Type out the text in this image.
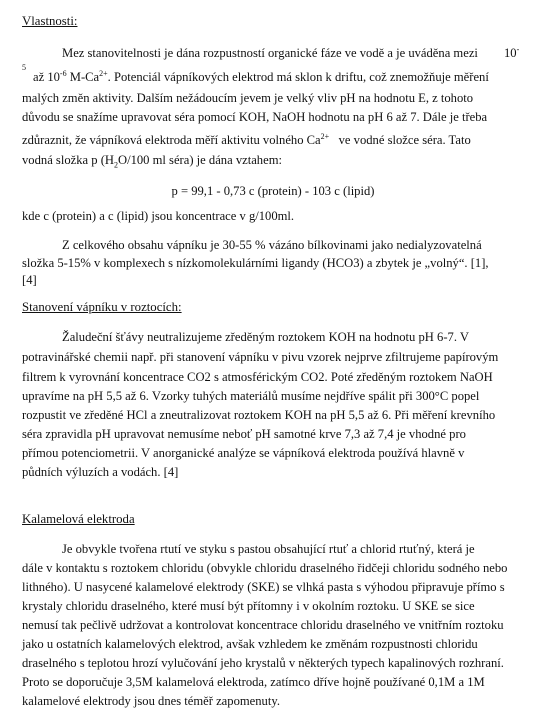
Vlastnosti:
Mez stanovitelnosti je dána rozpustností organické fáze ve vodě a je uváděna mezi 10-
$^5$
až $10^{-6}$ $M-Ca^{2+}$. Potenciál vápníkových elektrod má sklon k driftu, což znemožňuje měření
malých změn aktivity. Dalším nežádoucím jevem je velký vliv pH na hodnotu E, z tohoto
důvodu se snažíme upravovat séra pomocí KOH, NaOH hodnotu na pH 6 až 7. Dále je třeba
zdůraznit, že vápníková elektroda měří aktivitu volného $Ca^{2+}$ ve vodné složce séra. Tato
vodná složka p ($H_2O/100$ ml séra) je dána vztahem:
p = 99,1 - 0,73 c (protein) - 103 c (lipid)
kde c (protein) a c (lipid) jsou koncentrace v g/100ml.
Z celkového obsahu vápníku je 30-55 % vázáno bílkovinami jako nedialyzovatelná
složka 5-15% v komplexech s nízkomolekulárními ligandy (HCO3) a zbytek je „volný“. [1],
[4]
Stanovení vápníku v roztocích:
Žaludeční šťávy neutralizujeme zředěným roztokem KOH na hodnotu pH 6-7. V
potravinářské chemii např. při stanovení vápníku v pivu vzorek nejprve zfiltrujeme papírovým
filtrem k vyrovnání koncentrace CO2 s atmosférickým CO2. Poté zředěným roztokem NaOH
upravíme na pH 5,5 až 6. Vzorky tuhých materiálů musíme nejdříve spálit při 300°C popel
rozpustit ve zředěné HCl a zneutralizovat roztokem KOH na pH 5,5 až 6. Při měření krevního
séra zpravidla pH upravovat nemusíme neboť pH samotné krve 7,3 až 7,4 je vhodné pro
přímou potenciometrii. V anorganické analýze se vápníková elektroda používá hlavně v
půdních výluzích a vodách. [4]
Kalamelová elektroda
Je obvykle tvořena rtutí ve styku s pastou obsahující rtuť a chlorid rtuťný, která je
dále v kontaktu s roztokem chloridu (obvykle chloridu draselného řidčeji chloridu sodného nebo
lithného). U nasycené kalamelové elektrody (SKE) se vlhká pasta s výhodou připravuje přímo s
krystaly chloridu draselného, které musí být přítomny i v okolním roztoku. U SKE se sice
nemusí tak pečlivě udržovat a kontrolovat koncentrace chloridu draselného ve vnitřním roztoku
jako u ostatních kalamelových elektrod, avšak vzhledem ke změnám rozpustnosti chloridu
draselného s teplotou hrozí vylučování jeho krystalů v některých typech kapalinových rozhraní.
Proto se doporučuje 3,5M kalamelová elektroda, zatímco dříve hojně používané 0,1M a 1M
kalamelové elektrody jsou dnes téměř zapomenuty.
